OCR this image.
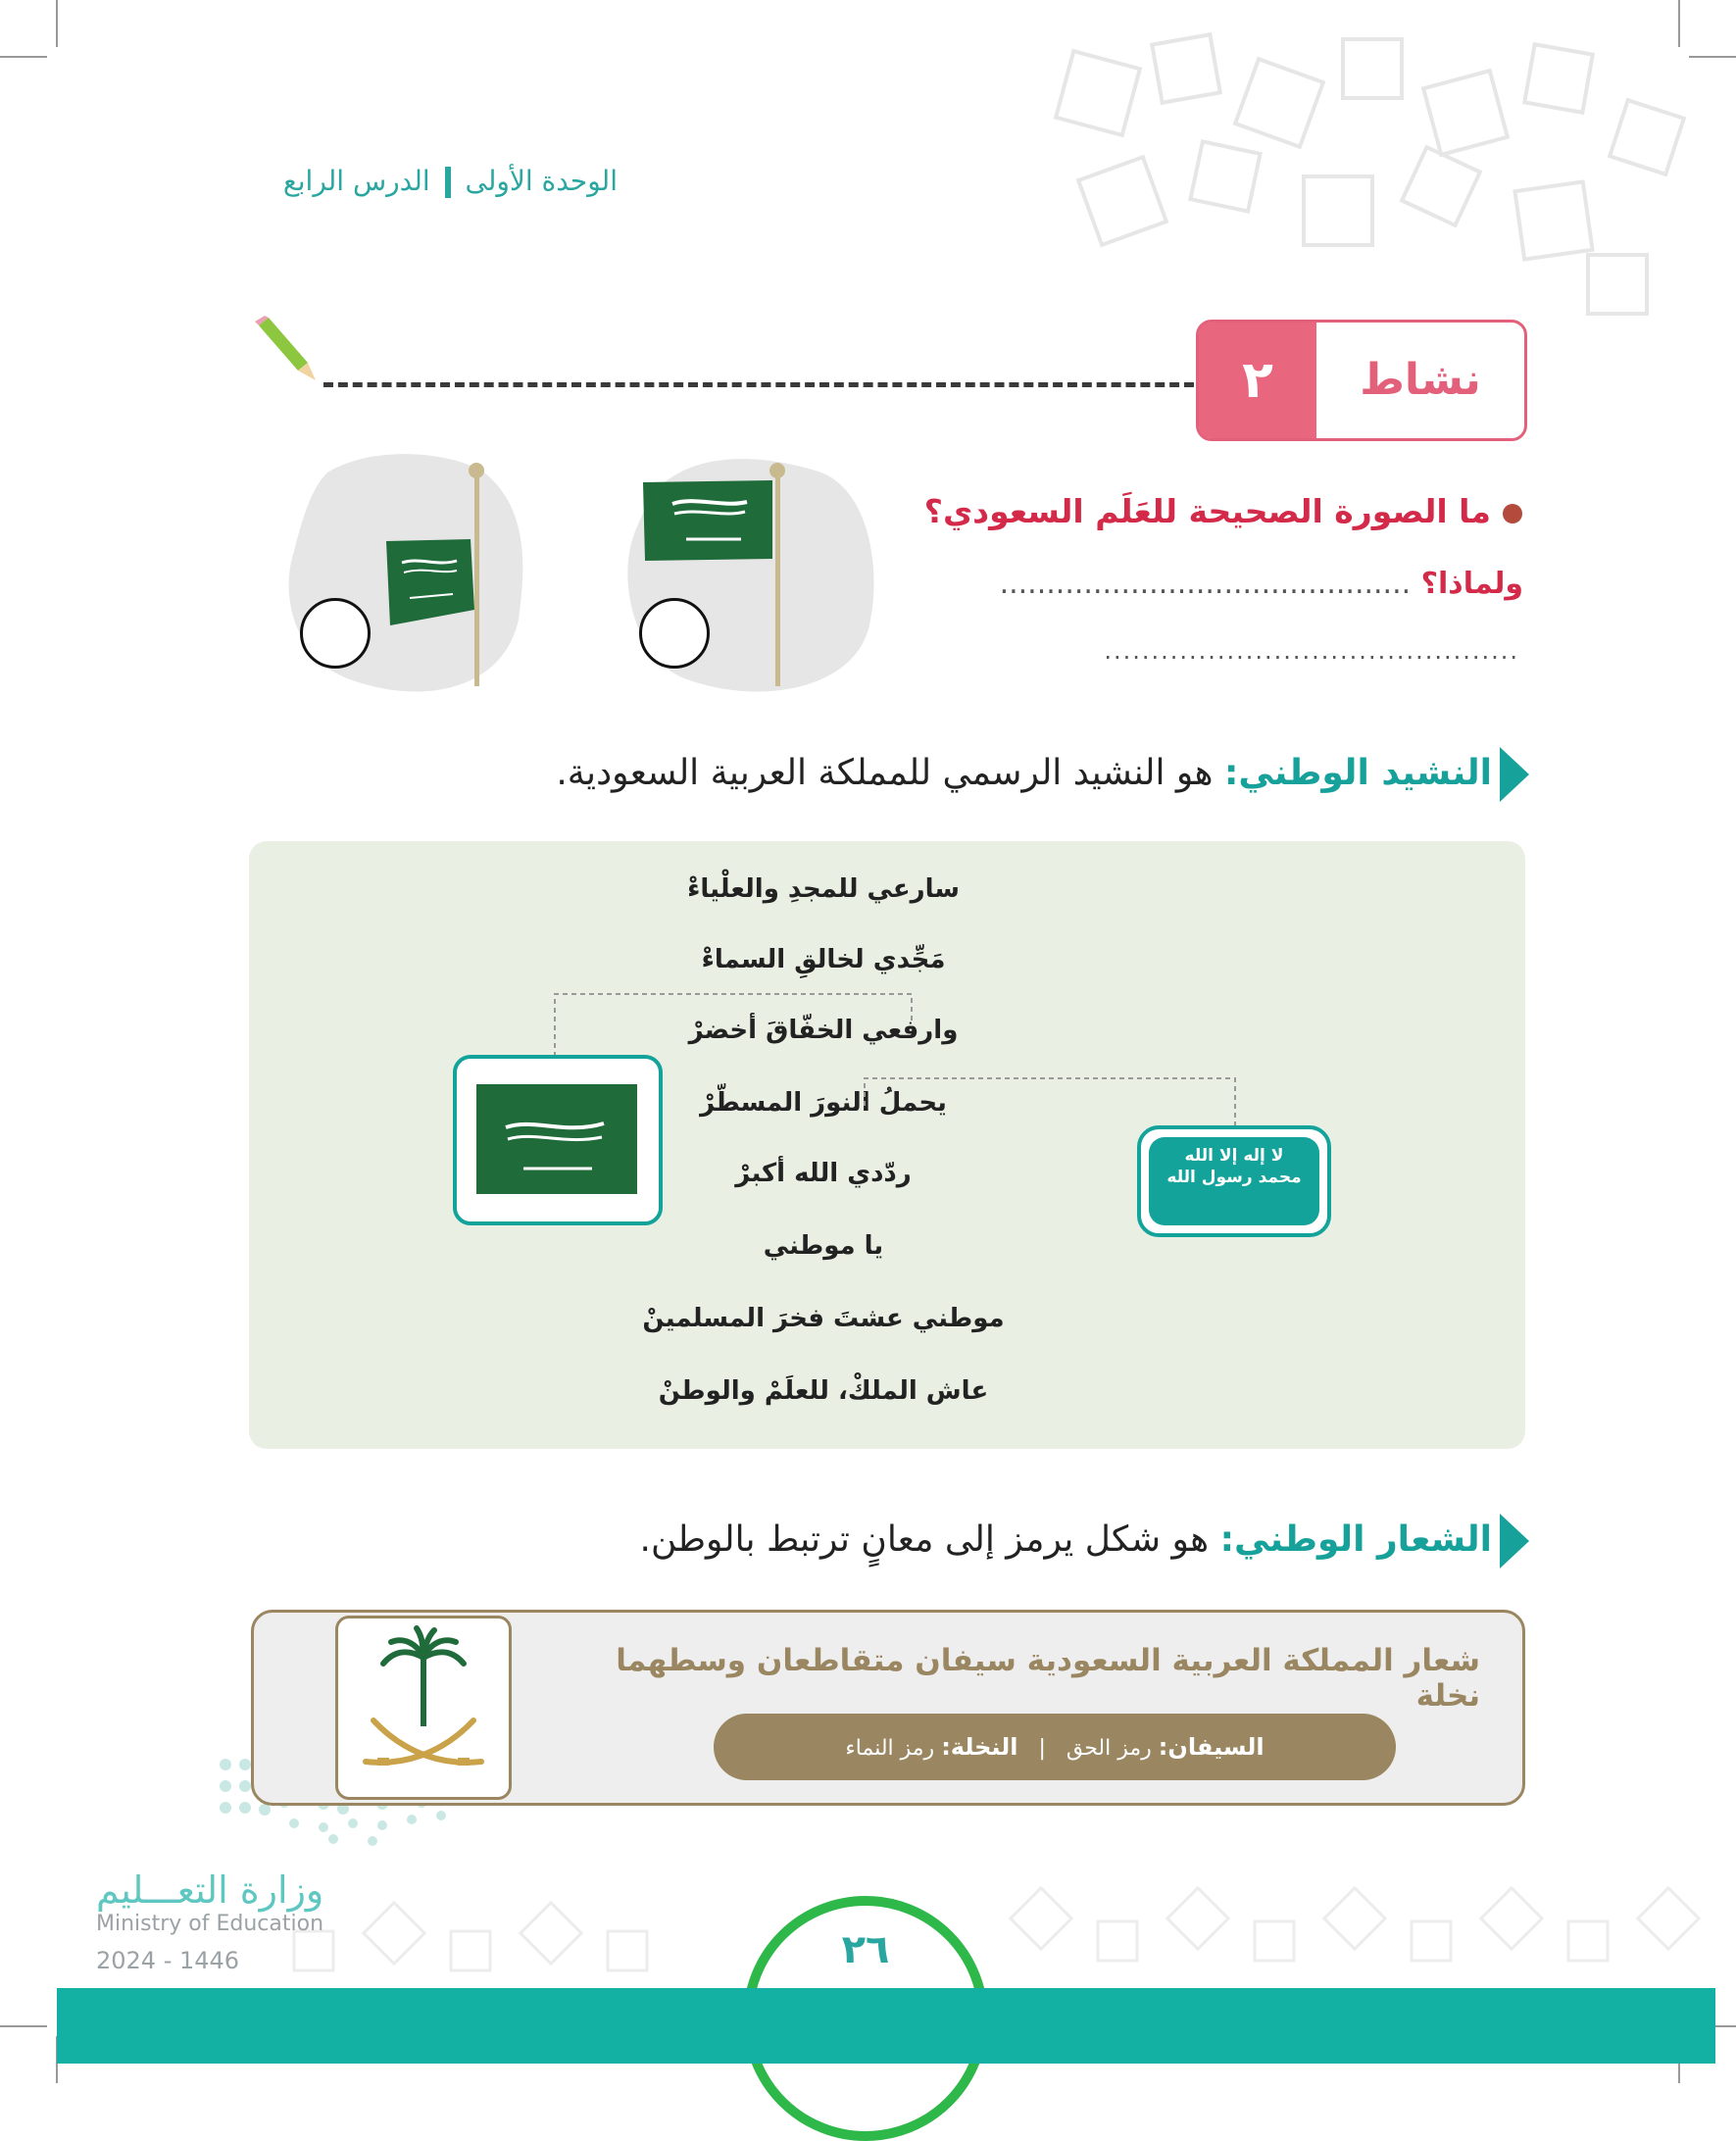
الوحدة الأولى  الدرس الرابع
٢	نشاط
ما الصورة الصحيحة للعَلَم السعودي؟
ولماذا؟ ............................................
............................................
النشيد الوطني: هو النشيد الرسمي للمملكة العربية السعودية.
سارعي للمجدِ والعلْياءْ
مَجِّدي لخالقِ السماءْ
وارفعي الخفّاقَ أخضرْ
يحملُ النورَ المسطّرْ
ردّدي الله أكبرْ
يا موطني
موطني عشتَ فخرَ المسلمينْ
عاش الملكْ، للعلَمْ والوطنْ
لا إله إلا الله
محمد رسول الله
الشعار الوطني: هو شكل يرمز إلى معانٍ ترتبط بالوطن.
شعار المملكة العربية السعودية سيفان متقاطعان وسطهما نخلة
السيفان: رمز الحق   |   النخلة: رمز النماء
وزارة التعـــليم
Ministry of Education
2024 - 1446	٢٦
